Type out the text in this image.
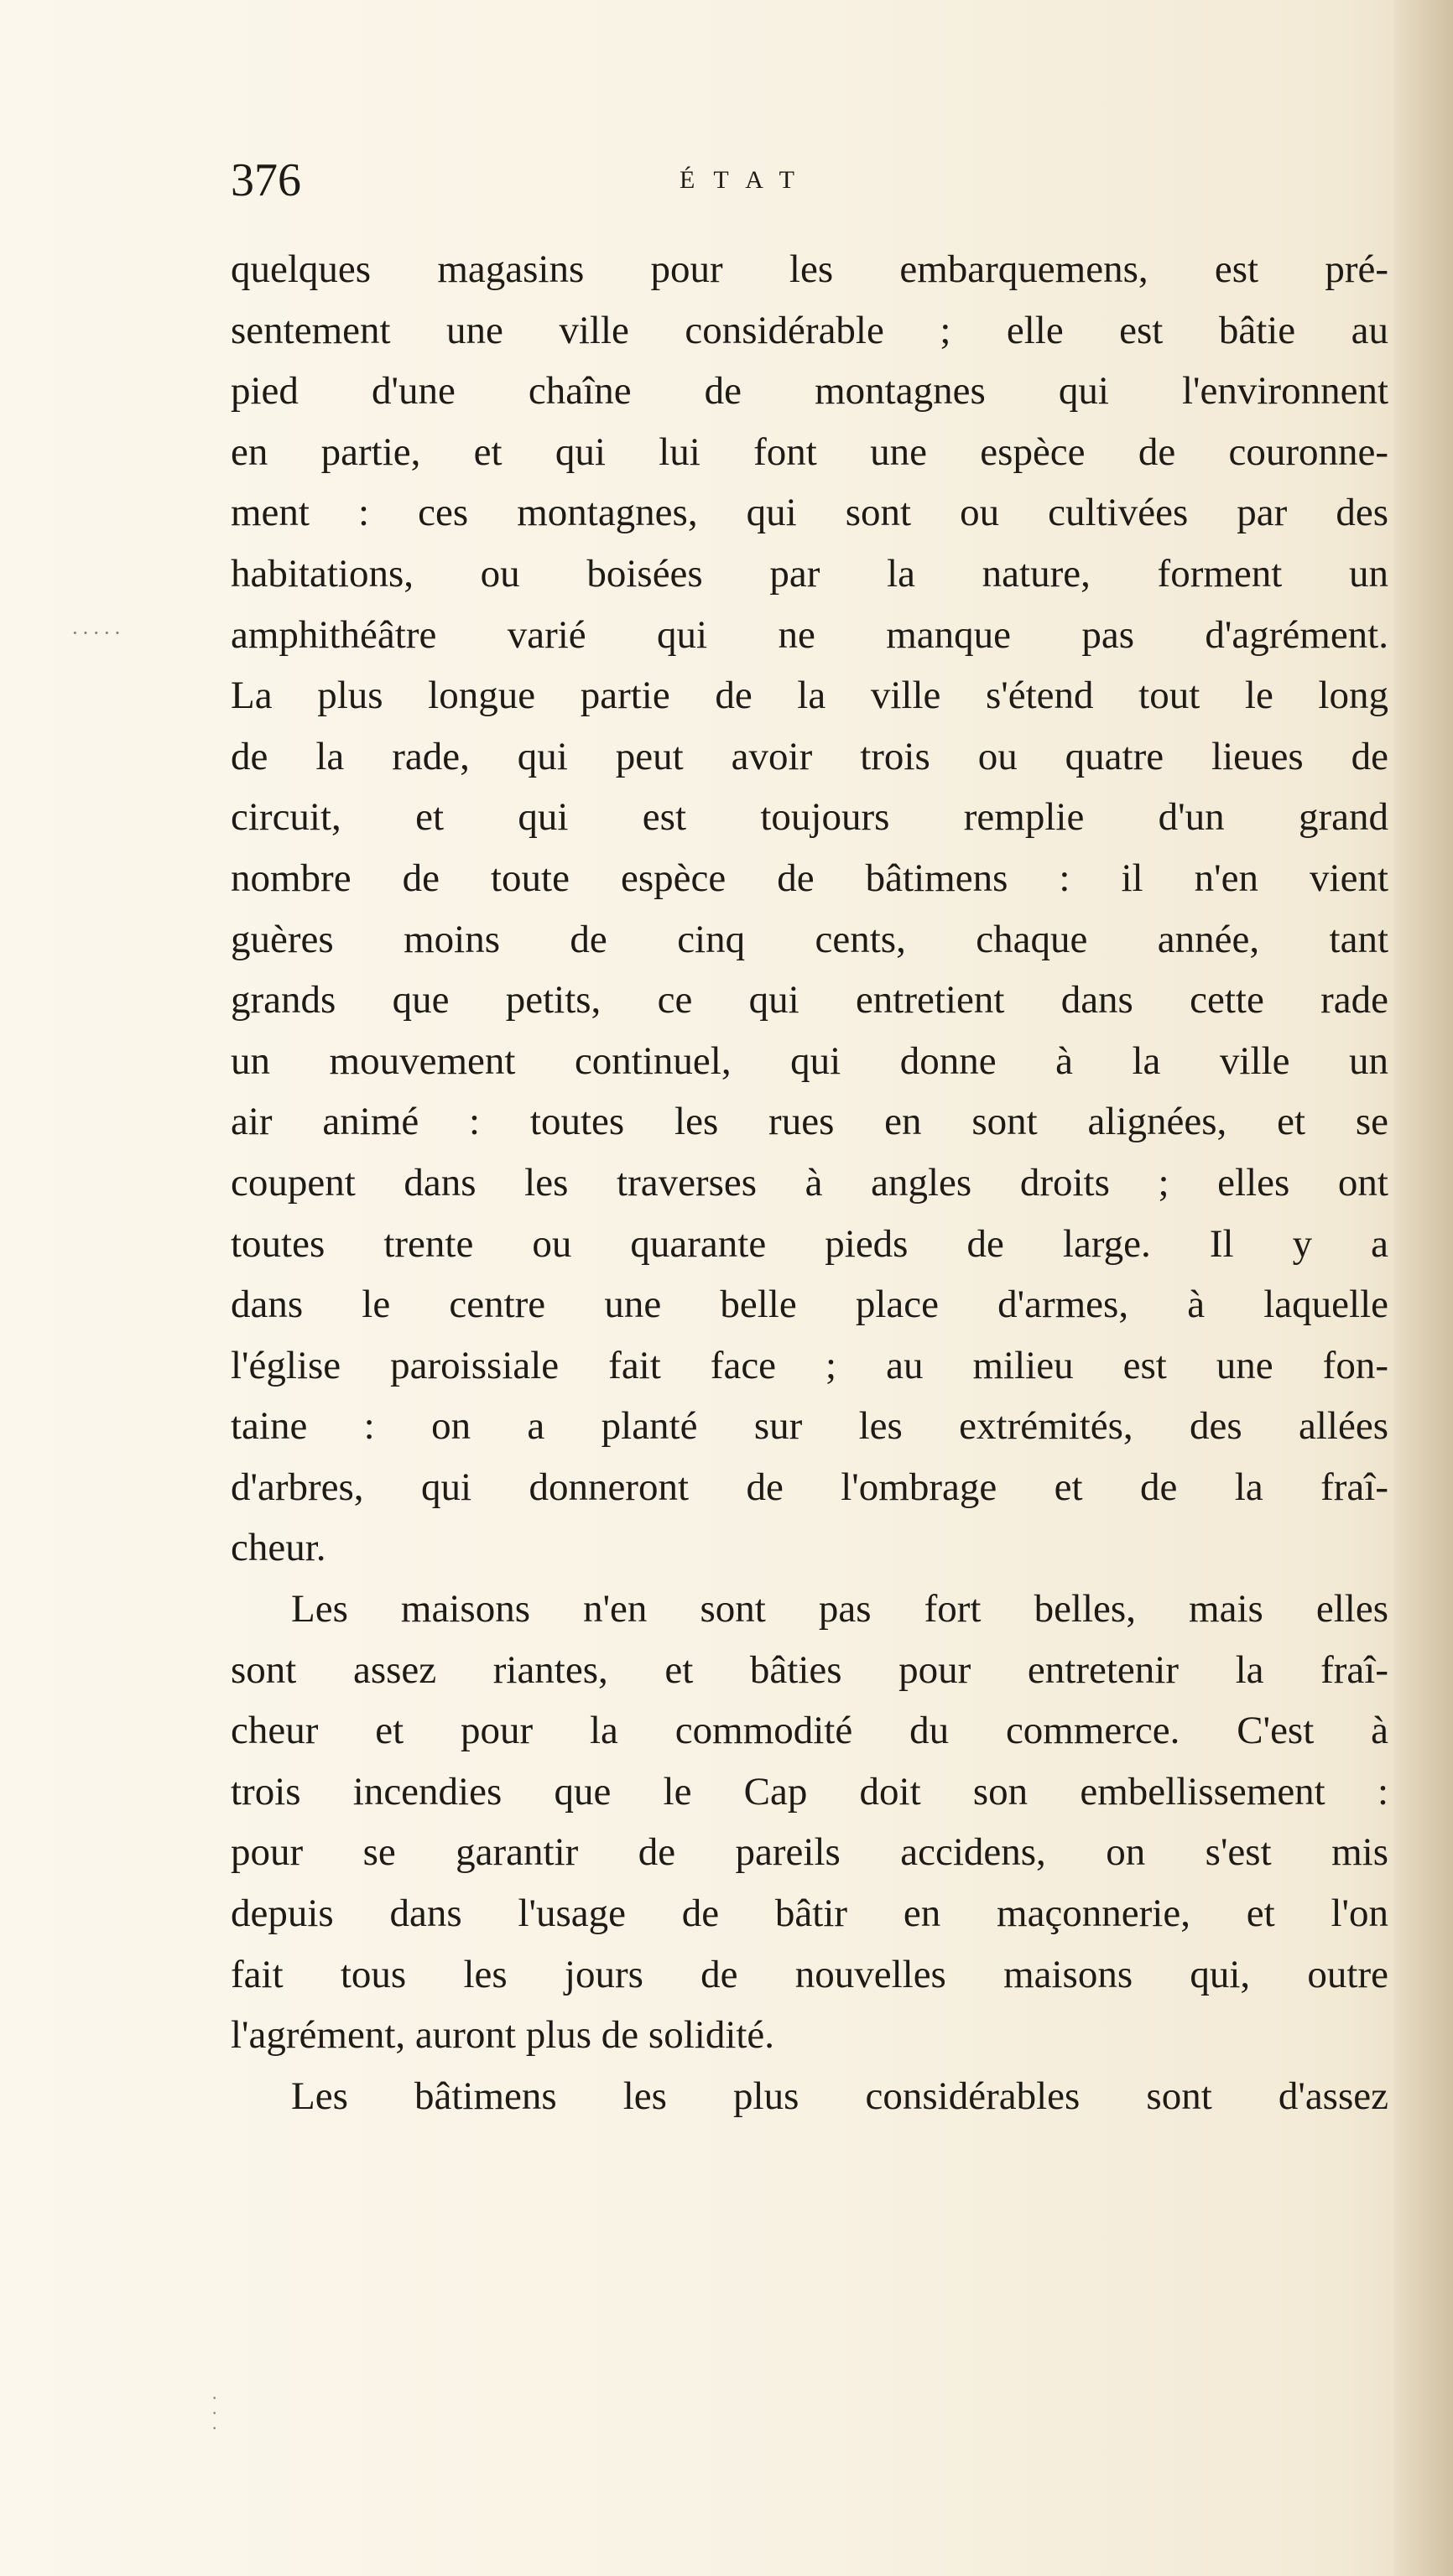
376	ÉTAT
·····
quelques magasins pour les embarquemens, est pré-
sentement une ville considérable ; elle est bâtie au
pied d'une chaîne de montagnes qui l'environnent
en partie, et qui lui font une espèce de couronne-
ment : ces montagnes, qui sont ou cultivées par des
habitations, ou boisées par la nature, forment un
amphithéâtre varié qui ne manque pas d'agrément.
La plus longue partie de la ville s'étend tout le long
de la rade, qui peut avoir trois ou quatre lieues de
circuit, et qui est toujours remplie d'un grand
nombre de toute espèce de bâtimens : il n'en vient
guères moins de cinq cents, chaque année, tant
grands que petits, ce qui entretient dans cette rade
un mouvement continuel, qui donne à la ville un
air animé : toutes les rues en sont alignées, et se
coupent dans les traverses à angles droits ; elles ont
toutes trente ou quarante pieds de large. Il y a
dans le centre une belle place d'armes, à laquelle
l'église paroissiale fait face ; au milieu est une fon-
taine : on a planté sur les extrémités, des allées
d'arbres, qui donneront de l'ombrage et de la fraî-
cheur.
Les maisons n'en sont pas fort belles, mais elles
sont assez riantes, et bâties pour entretenir la fraî-
cheur et pour la commodité du commerce. C'est à
trois incendies que le Cap doit son embellissement :
pour se garantir de pareils accidens, on s'est mis
depuis dans l'usage de bâtir en maçonnerie, et l'on
fait tous les jours de nouvelles maisons qui, outre
l'agrément, auront plus de solidité.
Les bâtimens les plus considérables sont d'assez
·
·
·
